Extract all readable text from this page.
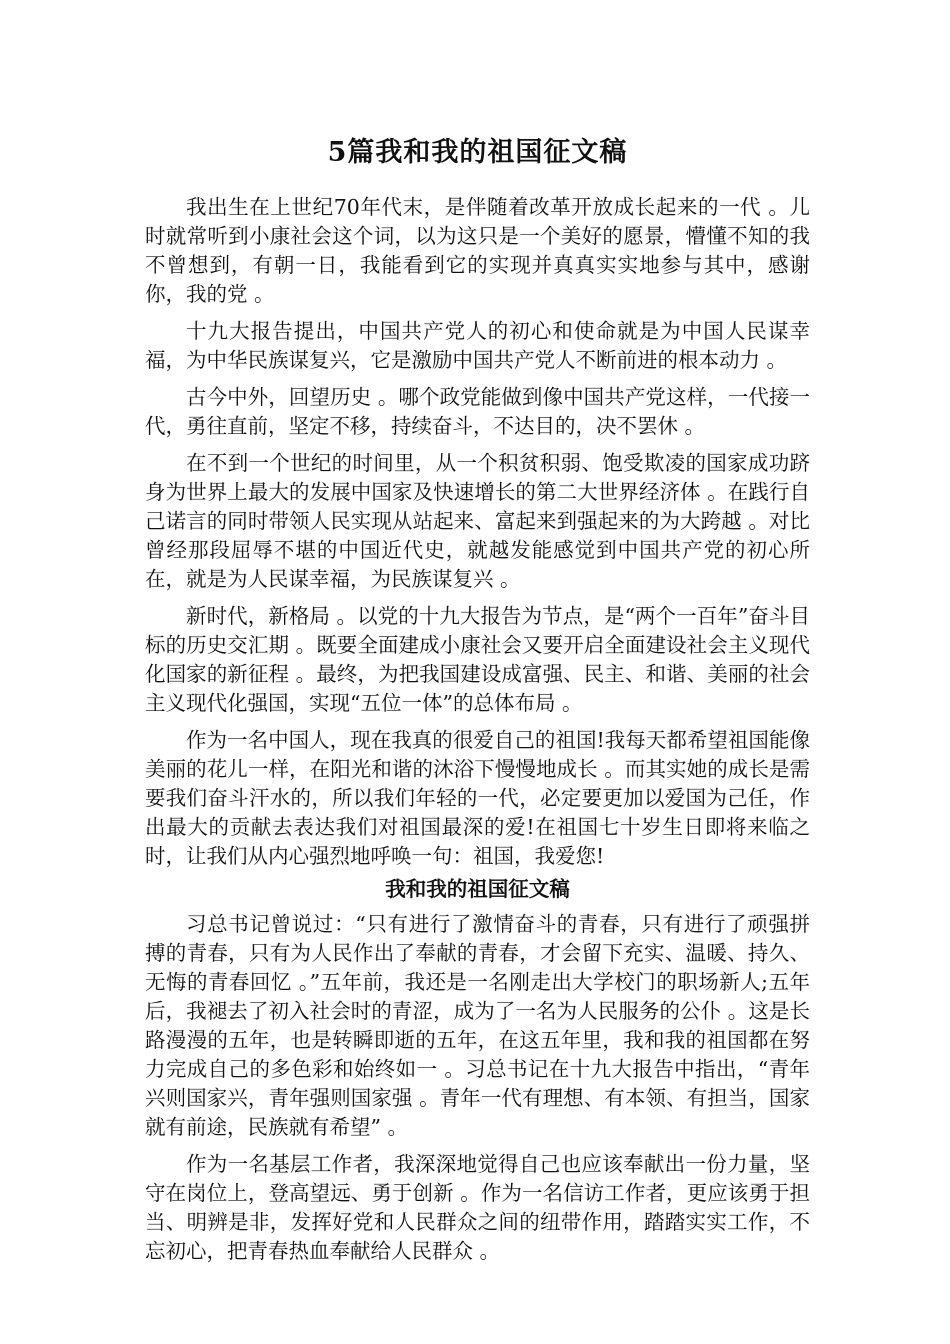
5篇我和我的祖国征文稿

我出生在上世纪70年代末，是伴随着改革开放成长起来的一代 。儿时就常听到小康社会这个词，以为这只是一个美好的愿景，懵懂不知的我不曾想到，有朝一日，我能看到它的实现并真真实实地参与其中，感谢你，我的党 。

十九大报告提出，中国共产党人的初心和使命就是为中国人民谋幸福，为中华民族谋复兴，它是激励中国共产党人不断前进的根本动力 。

古今中外，回望历史 。哪个政党能做到像中国共产党这样，一代接一代，勇往直前，坚定不移，持续奋斗，不达目的，决不罢休 。

在不到一个世纪的时间里，从一个积贫积弱、饱受欺凌的国家成功跻身为世界上最大的发展中国家及快速增长的第二大世界经济体 。在践行自己诺言的同时带领人民实现从站起来、富起来到强起来的为大跨越 。对比曾经那段屈辱不堪的中国近代史，就越发能感觉到中国共产党的初心所在，就是为人民谋幸福，为民族谋复兴 。

新时代，新格局 。以党的十九大报告为节点，是“两个一百年”奋斗目标的历史交汇期 。既要全面建成小康社会又要开启全面建设社会主义现代化国家的新征程 。最终，为把我国建设成富强、民主、和谐、美丽的社会主义现代化强国，实现“五位一体”的总体布局 。

作为一名中国人，现在我真的很爱自己的祖国!我每天都希望祖国能像美丽的花儿一样，在阳光和谐的沐浴下慢慢地成长 。而其实她的成长是需要我们奋斗汗水的，所以我们年轻的一代，必定要更加以爱国为己任，作出最大的贡献去表达我们对祖国最深的爱!在祖国七十岁生日即将来临之时，让我们从内心强烈地呼唤一句：祖国，我爱您!

我和我的祖国征文稿

习总书记曾说过：“只有进行了激情奋斗的青春，只有进行了顽强拼搏的青春，只有为人民作出了奉献的青春，才会留下充实、温暖、持久、无悔的青春回忆 。”五年前，我还是一名刚走出大学校门的职场新人;五年后，我褪去了初入社会时的青涩，成为了一名为人民服务的公仆 。这是长路漫漫的五年，也是转瞬即逝的五年，在这五年里，我和我的祖国都在努力完成自己的多色彩和始终如一 。习总书记在十九大报告中指出，“青年兴则国家兴，青年强则国家强 。青年一代有理想、有本领、有担当，国家就有前途，民族就有希望” 。

作为一名基层工作者，我深深地觉得自己也应该奉献出一份力量，坚守在岗位上，登高望远、勇于创新 。作为一名信访工作者，更应该勇于担当、明辨是非，发挥好党和人民群众之间的纽带作用，踏踏实实工作，不忘初心，把青春热血奉献给人民群众 。
